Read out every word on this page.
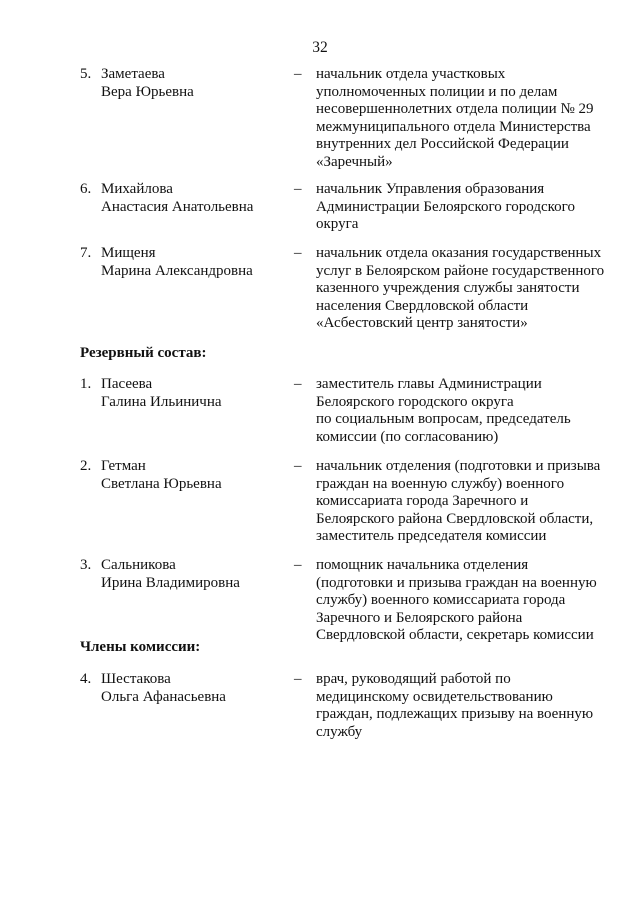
32
5. Заметаева
Вера Юрьевна
– начальник отдела участковых
уполномоченных полиции и по делам
несовершеннолетних отдела полиции № 29
межмуниципального отдела Министерства
внутренних дел Российской Федерации
«Заречный»
6. Михайлова
Анастасия Анатольевна
– начальник Управления образования
Администрации Белоярского городского
округа
7. Мищеня
Марина Александровна
– начальник отдела оказания государственных
услуг в Белоярском районе государственного
казенного учреждения службы занятости
населения Свердловской области
«Асбестовский центр занятости»
Резервный состав:
1. Пасеева
Галина Ильинична
– заместитель главы Администрации
Белоярского городского округа
по социальным вопросам, председатель
комиссии (по согласованию)
2. Гетман
Светлана Юрьевна
– начальник отделения (подготовки и призыва
граждан на военную службу) военного
комиссариата города Заречного и
Белоярского района Свердловской области,
заместитель председателя комиссии
3. Сальникова
Ирина Владимировна
– помощник начальника отделения
(подготовки и призыва граждан на военную
службу) военного комиссариата города
Заречного и Белоярского района
Свердловской области, секретарь комиссии
Члены комиссии:
4. Шестакова
Ольга Афанасьевна
– врач, руководящий работой по
медицинскому освидетельствованию
граждан, подлежащих призыву на военную
службу
